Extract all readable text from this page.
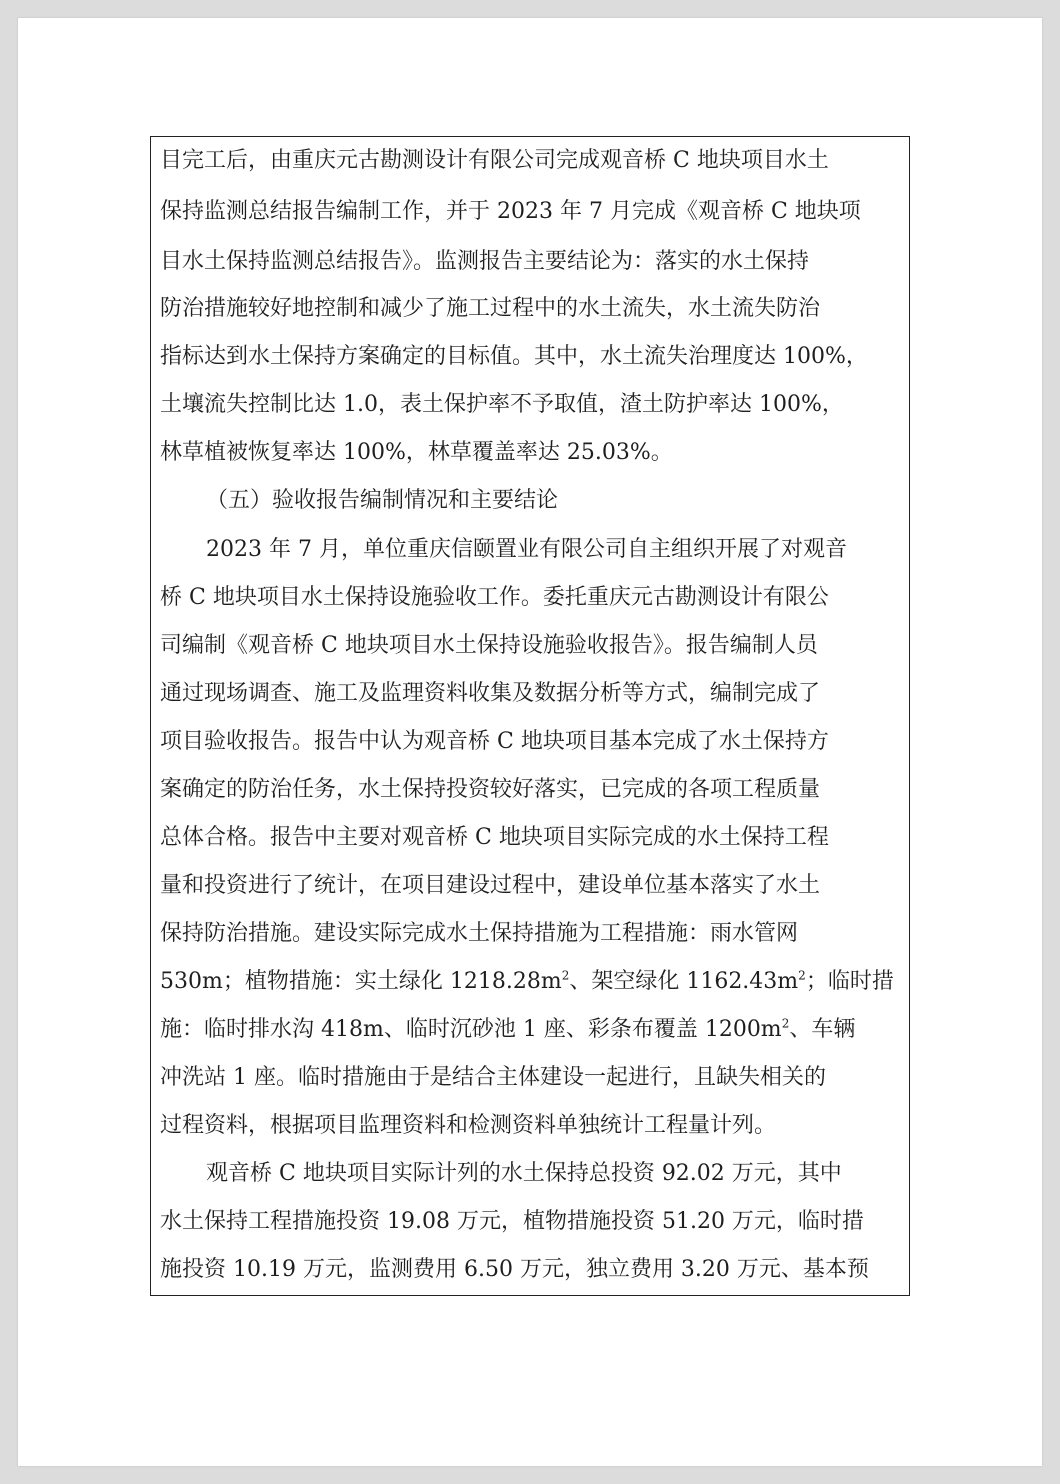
目完工后，由重庆元古勘测设计有限公司完成观音桥 C 地块项目水土
保持监测总结报告编制工作，并于 2023 年 7 月完成《观音桥 C 地块项
目水土保持监测总结报告》。监测报告主要结论为：落实的水土保持
防治措施较好地控制和减少了施工过程中的水土流失，水土流失防治
指标达到水土保持方案确定的目标值。其中，水土流失治理度达 100%，
土壤流失控制比达 1.0，表土保护率不予取值，渣土防护率达 100%，
林草植被恢复率达 100%，林草覆盖率达 25.03%。
（五）验收报告编制情况和主要结论
2023 年 7 月，单位重庆信颐置业有限公司自主组织开展了对观音
桥 C 地块项目水土保持设施验收工作。委托重庆元古勘测设计有限公
司编制《观音桥 C 地块项目水土保持设施验收报告》。报告编制人员
通过现场调查、施工及监理资料收集及数据分析等方式，编制完成了
项目验收报告。报告中认为观音桥 C 地块项目基本完成了水土保持方
案确定的防治任务，水土保持投资较好落实，已完成的各项工程质量
总体合格。报告中主要对观音桥 C 地块项目实际完成的水土保持工程
量和投资进行了统计，在项目建设过程中，建设单位基本落实了水土
保持防治措施。建设实际完成水土保持措施为工程措施：雨水管网
530m；植物措施：实土绿化 $1218.28m^2$、架空绿化 $1162.43m^2$；临时措
施：临时排水沟 418m、临时沉砂池 1 座、彩条布覆盖 $1200m^2$、车辆
冲洗站 1 座。临时措施由于是结合主体建设一起进行，且缺失相关的
过程资料，根据项目监理资料和检测资料单独统计工程量计列。
观音桥 C 地块项目实际计列的水土保持总投资 92.02 万元，其中
水土保持工程措施投资 19.08 万元，植物措施投资 51.20 万元，临时措
施投资 10.19 万元，监测费用 6.50 万元，独立费用 3.20 万元、基本预
